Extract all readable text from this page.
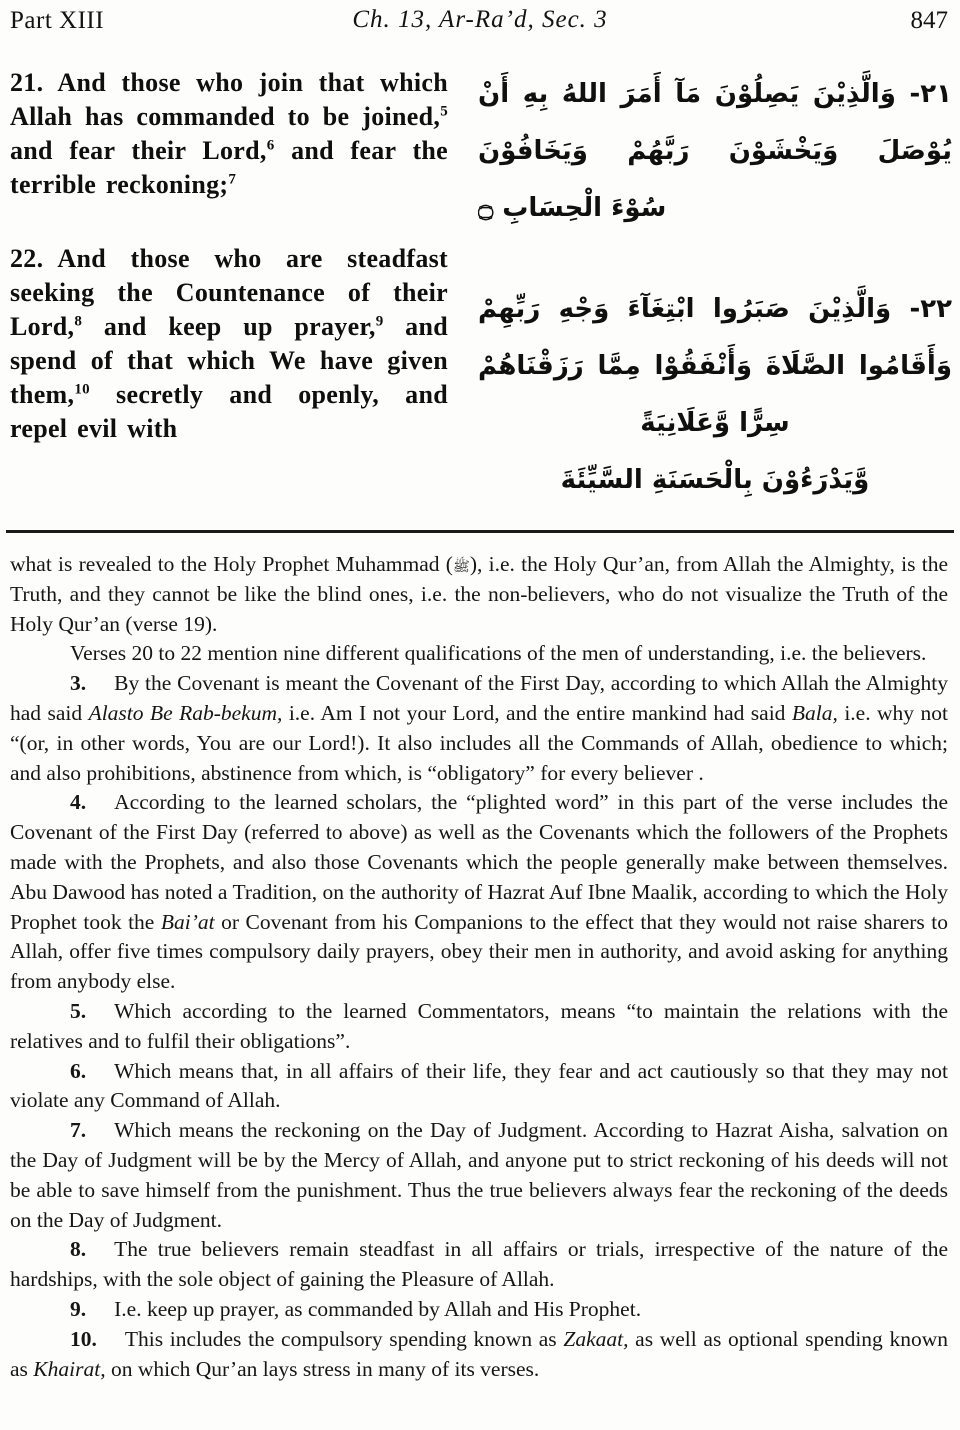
Part XIII	Ch. 13, Ar-Ra’d, Sec. 3	847

21. And those who join that which Allah has commanded to be joined,$^5$ and fear their Lord,$^6$ and fear the terrible reckoning;$^7$

22. And those who are steadfast seeking the Countenance of their Lord,$^8$ and keep up prayer,$^9$ and spend of that which We have given them,$^{10}$ secretly and openly, and repel evil with

٢١- وَالَّذِيْنَ يَصِلُوْنَ مَآ أَمَرَ اللهُ بِهِ أَنْ
يُوْصَلَ وَيَخْشَوْنَ رَبَّهُمْ وَيَخَافُوْنَ
سُوْءَ الْحِسَابِ ۝
٢٢- وَالَّذِيْنَ صَبَرُوا ابْتِغَآءَ وَجْهِ رَبِّهِمْ
وَأَقَامُوا الصَّلَاةَ وَأَنْفَقُوْا مِمَّا رَزَقْنَاهُمْ
سِرًّا وَّعَلَانِيَةً
وَّيَدْرَءُوْنَ بِالْحَسَنَةِ السَّيِّئَةَ

what is revealed to the Holy Prophet Muhammad (ﷺ), i.e. the Holy Qur’an, from Allah the Almighty, is the Truth, and they cannot be like the blind ones, i.e. the non-believers, who do not visualize the Truth of the Holy Qur’an (verse 19).

Verses 20 to 22 mention nine different qualifications of the men of understanding, i.e. the believers.

3. By the Covenant is meant the Covenant of the First Day, according to which Allah the Almighty had said Alasto Be Rab-bekum, i.e. Am I not your Lord, and the entire mankind had said Bala, i.e. why not “(or, in other words, You are our Lord!). It also includes all the Commands of Allah, obedience to which; and also prohibitions, abstinence from which, is “obligatory” for every believer .

4. According to the learned scholars, the “plighted word” in this part of the verse includes the Covenant of the First Day (referred to above) as well as the Covenants which the followers of the Prophets made with the Prophets, and also those Covenants which the people generally make between themselves. Abu Dawood has noted a Tradition, on the authority of Hazrat Auf Ibne Maalik, according to which the Holy Prophet took the Bai’at or Covenant from his Companions to the effect that they would not raise sharers to Allah, offer five times compulsory daily prayers, obey their men in authority, and avoid asking for anything from anybody else.

5. Which according to the learned Commentators, means “to maintain the relations with the relatives and to fulfil their obligations”.

6. Which means that, in all affairs of their life, they fear and act cautiously so that they may not violate any Command of Allah.

7. Which means the reckoning on the Day of Judgment. According to Hazrat Aisha, salvation on the Day of Judgment will be by the Mercy of Allah, and anyone put to strict reckoning of his deeds will not be able to save himself from the punishment. Thus the true believers always fear the reckoning of the deeds on the Day of Judgment.

8. The true believers remain steadfast in all affairs or trials, irrespective of the nature of the hardships, with the sole object of gaining the Pleasure of Allah.

9. I.e. keep up prayer, as commanded by Allah and His Prophet.

10. This includes the compulsory spending known as Zakaat, as well as optional spending known as Khairat, on which Qur’an lays stress in many of its verses.
